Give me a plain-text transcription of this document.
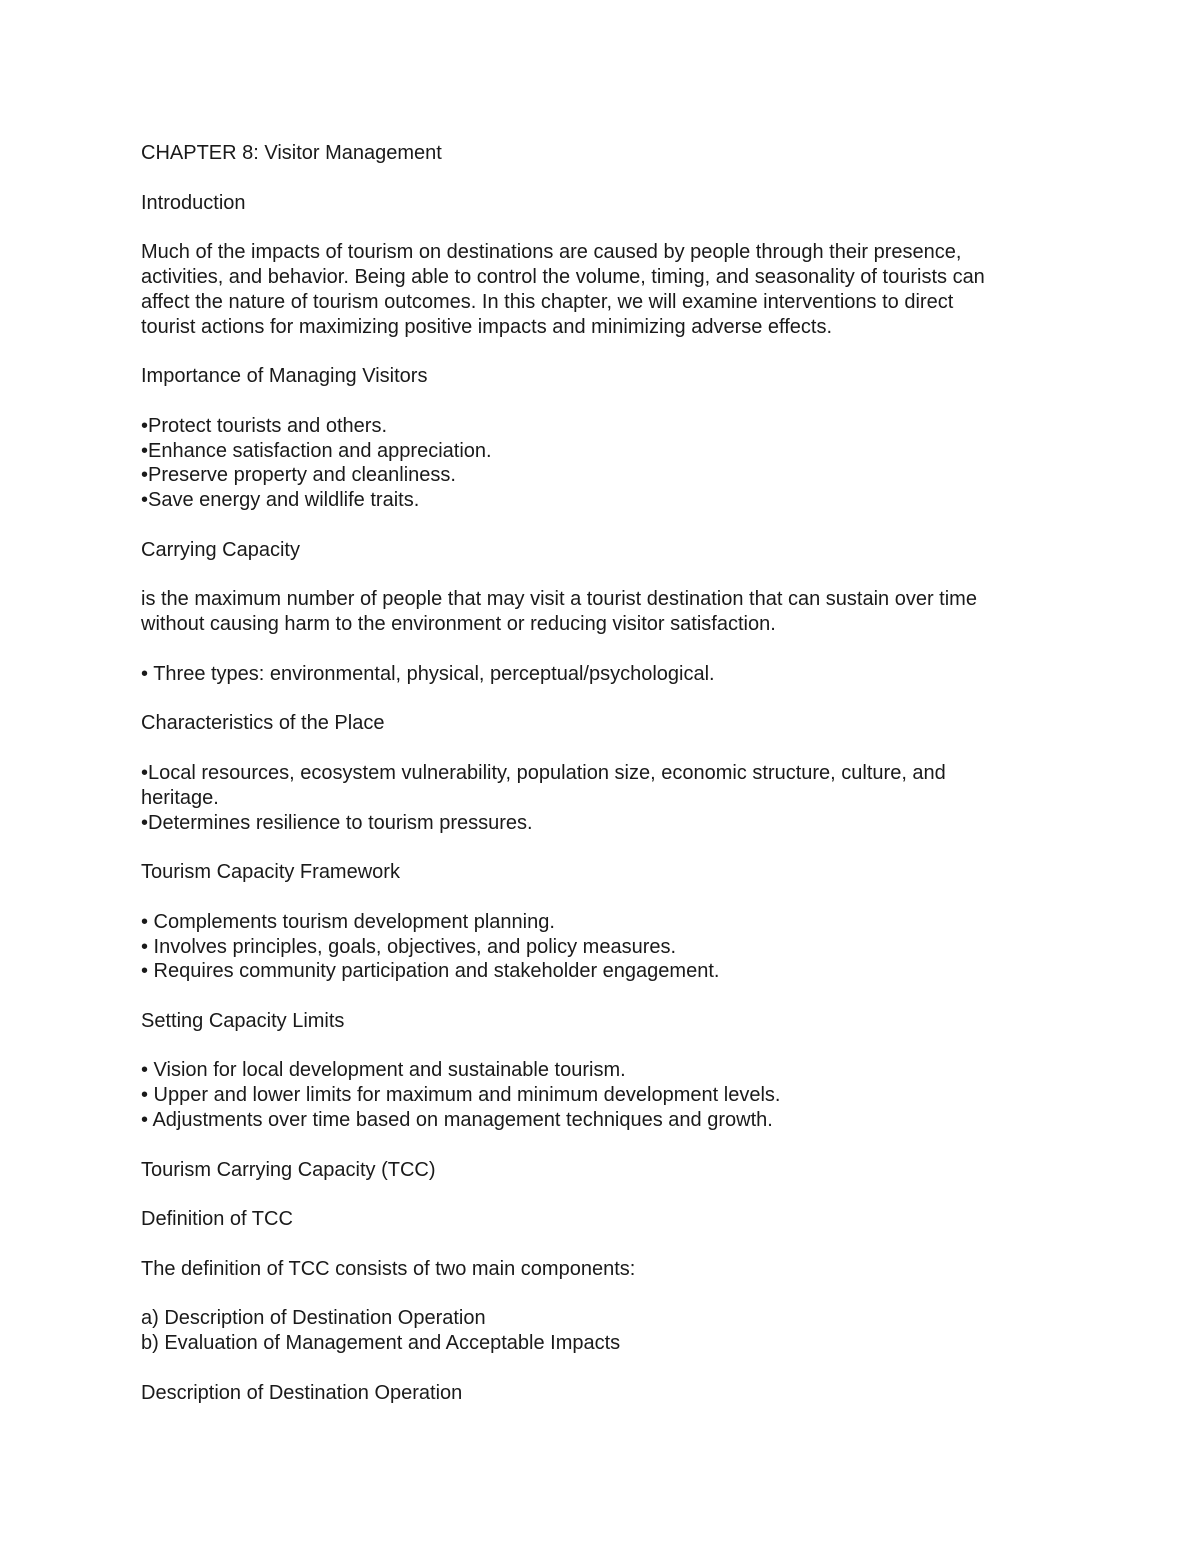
CHAPTER 8: Visitor Management
Introduction
Much of the impacts of tourism on destinations are caused by people through their presence,
activities, and behavior. Being able to control the volume, timing, and seasonality of tourists can
affect the nature of tourism outcomes. In this chapter, we will examine interventions to direct
tourist actions for maximizing positive impacts and minimizing adverse effects.
Importance of Managing Visitors
•Protect tourists and others.
•Enhance satisfaction and appreciation.
•Preserve property and cleanliness.
•Save energy and wildlife traits.
Carrying Capacity
is the maximum number of people that may visit a tourist destination that can sustain over time
without causing harm to the environment or reducing visitor satisfaction.
• Three types: environmental, physical, perceptual/psychological.
Characteristics of the Place
•Local resources, ecosystem vulnerability, population size, economic structure, culture, and
heritage.
•Determines resilience to tourism pressures.
Tourism Capacity Framework
• Complements tourism development planning.
• Involves principles, goals, objectives, and policy measures.
• Requires community participation and stakeholder engagement.
Setting Capacity Limits
• Vision for local development and sustainable tourism.
• Upper and lower limits for maximum and minimum development levels.
• Adjustments over time based on management techniques and growth.
Tourism Carrying Capacity (TCC)
Definition of TCC
The definition of TCC consists of two main components:
a) Description of Destination Operation
b) Evaluation of Management and Acceptable Impacts
Description of Destination Operation
